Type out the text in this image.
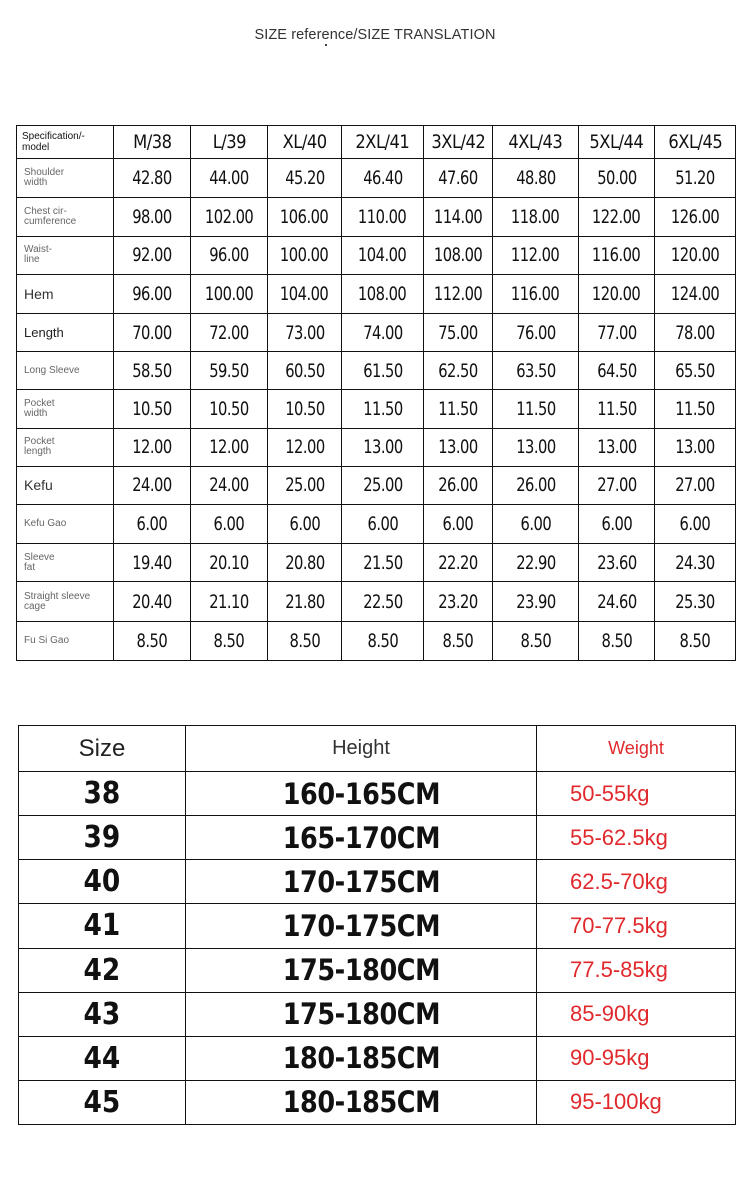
SIZE reference/SIZE TRANSLATION
Specification/-
model	M/38	L/39	XL/40	2XL/41	3XL/42	4XL/43	5XL/44	6XL/45
Shoulder
width	42.80	44.00	45.20	46.40	47.60	48.80	50.00	51.20
Chest cir-
cumference	98.00	102.00	106.00	110.00	114.00	118.00	122.00	126.00
Waist-
line	92.00	96.00	100.00	104.00	108.00	112.00	116.00	120.00
Hem	96.00	100.00	104.00	108.00	112.00	116.00	120.00	124.00
Length	70.00	72.00	73.00	74.00	75.00	76.00	77.00	78.00
Long Sleeve	58.50	59.50	60.50	61.50	62.50	63.50	64.50	65.50
Pocket
width	10.50	10.50	10.50	11.50	11.50	11.50	11.50	11.50
Pocket
length	12.00	12.00	12.00	13.00	13.00	13.00	13.00	13.00
Kefu	24.00	24.00	25.00	25.00	26.00	26.00	27.00	27.00
Kefu Gao	6.00	6.00	6.00	6.00	6.00	6.00	6.00	6.00
Sleeve
fat	19.40	20.10	20.80	21.50	22.20	22.90	23.60	24.30
Straight sleeve
cage	20.40	21.10	21.80	22.50	23.20	23.90	24.60	25.30
Fu Si Gao	8.50	8.50	8.50	8.50	8.50	8.50	8.50	8.50
Size	Height	Weight
38	160-165CM	50-55kg
39	165-170CM	55-62.5kg
40	170-175CM	62.5-70kg
41	170-175CM	70-77.5kg
42	175-180CM	77.5-85kg
43	175-180CM	85-90kg
44	180-185CM	90-95kg
45	180-185CM	95-100kg
